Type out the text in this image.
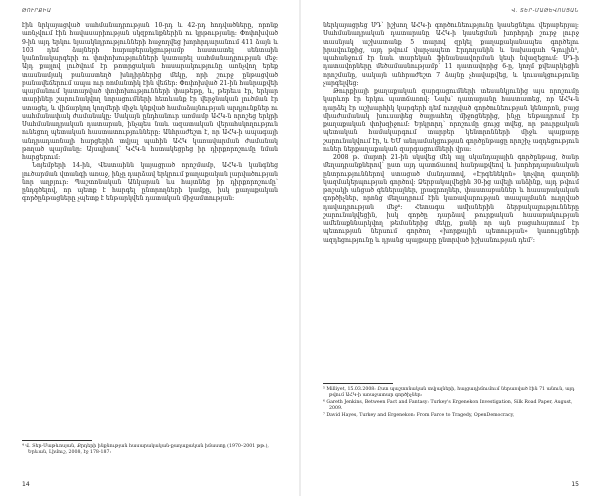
ԹՈՒՐՔԻԱ

էին նրկայացված սահմանադրության 10-րդ և 42-րդ հոդվածները, որոնք առնչվում էին հավասարիության սկզբունքներին ու կրթությանը: Փոփոխված 9-ին այդ երկու նյաակնդրությունների հաջողվեց խորհրդարանում 411 ձայն և 103 դեմ ձայների հարաբերակցությամբ հաստատել սենտաին կանոնակարգերի ու փոփոխությունների կատարել սահմանադրության մեջ: Այդ քայլով լուծվում էր թոտրցական հասարակությունը առնչվող երեք տասնամյակ բանաստեղծ խնդիրներից մեկը, որի շուրջ ընթացված բանավեճերում ապա ուր ռոմանտիկ էին վեճեր: Փոփոխված 21-ին հանրաքվեի պայմանում կատարված փոփոխությունների փաթեթը, և, թերեւս էր, երկար տարիներ շարունակվող նորացումների հետևանք էր վերջնական լուծման էր ստացել, և վիճարկող կողմերի միջև կնքված համաձայնության արդյունքներ ու սահմանափակ ժամանակը: Սակայն ընդհանուր առմամբ ԱՀԿ-ն որոշեց երկրի Սահմանադրական դատարան, ինչպես նաև ազատական վերահսկողություն ունեցող պետական հաստատությունները: Անհրաժեշտ է, որ ԱՀԿ-ի ապագայի անդրադառնալի հարցերին տվյալ պահին ԱՀԿ կառավարման ժամանակ թողած պայմանը: Այսպիսով՝ ԿՀԿ-ն հստակեցրեց իր դիրքորոշումը նման հարցերում:

Նոյեմբերի 14-ին, Վեստաինն կայացրած որոշմամբ, ԱՀԿ-ն կանգնեց լուծարման վտանգի առաջ, ինչը դարձավ երկրում քաղաքական լարվածության նոր աղբյուր: Պաշտոնական Անկարան ևս հայտնեց իր դիրքորոշումը՝ ընդգծելով, որ պետք է հարգել ընտրողների կամքը, իսկ քաղաքական գործընթացները չպետք է ենթարկվեն դատական միջամտության:

⁴ Վ. Տեր-Մաթևոսյան, Քրդերի ինքնության հասարակական-քաղաքական իմաստը (1970–2001 թթ.), Երևան, Լիմուշ, 2008, էջ 178-187:

14
Վ. ՏԵՐ-ՄԱԹԵՎՈՍՅԱՆ

ներկայացրեց ՍԴ՝ իշխող ԱՀԿ-ի գործունեությունը կասեցնելու վերաբերյալ: Սահմանադրական դատարանը ԱՀԿ-ի կասեցման խորհրդի շուրջ լուրջ տասնյակ աշխատանք 5 տարով զրկել քաղաքականապես գործելու իրավունքից, այդ թվում վարչապետ Էրդողանին և նախագահ Գյուլին⁵, պահանջում էր նաև տարեկան ֆինանսավորման կեսի նվազեցում: ՍԴ-ի դատավորները մեծամասնությամբ՝ 11 դատավորից 6-ը, կողմ քվեարկեցին որոշմանը, սակայն անհրաժեշտ 7 ձայնը չհավաքվեց, և կուսակցությունը չարգելվեց:

Թուրքիայի քաղաքական զարգացումների տեսանկյունից այս որոշումը կարևոր էր երկու պատճառով: Նախ՝ դատարանը հաստատեց, որ ԱՀԿ-ն դարձել էր աշխարհիկ կարգերի դեմ ուղղված գործունեության կենտրոն, բայց միաժամանակ խուսափեց ծայրահեղ միջոցներից, ինչը ենթադրում էր քաղաքական փոխզիջում: Երկրորդ՝ որոշումը ցույց տվեց, որ թուրքական պետական համակարգում տարբեր կենտրոնների միջև պայքարը շարունակվում էր, և ԵՄ անդամակցության գործընթացը որոշիչ ազդեցություն ուներ ներքաղաքական զարգացումների վրա:

2008 թ. մարտի 21-ին սկսվեց մեկ այլ սկանդալային գործընթաց, ծանր մեղադրանքներով՝ ըստ այդ պատճառով հանրաքվեով և խորհրդարանական ընտրություններով ստացած մանդատով, «Էրգենեկոն» կոչվող գաղտնի կազմակերպության գործով: Ձերբակալվեցին 30-ից ավելի անձինք, այդ թվում թոշակի անցած գեներալներ, լրագրողներ, փաստաբաններ և հասարակական գործիչներ, որոնց մեղադրում էին կառավարության տապալմանն ուղղված դավադրության մեջ⁶: Հետագա ամիսներին ձերբակալությունները շարունակվեցին, իսկ գործը դարձավ թուրքական հասարակության ամենաքննարկվող թեմաներից մեկը, քանի որ այն բացահայտում էր պետության ներսում գործող «խորքային պետության» կառույցների ազդեցությունը և դրանց պայքարը ընտրված իշխանության դեմ⁷:

⁵ Milliyet, 15.03.2008: Ըստ պաշտոնական տվյալների, հայցադիմումում ներառված էին 71 անուն, այդ թվում ԱՀԿ-ի առաջատար գործիչներ:

⁶ Gareth Jenkins, Between Fact and Fantasy: Turkey's Ergenekon Investigation, Silk Road Paper, August, 2009.

⁷ David Hayes, Turkey and Ergenekon: From Farce to Tragedy, OpenDemocracy,

15
